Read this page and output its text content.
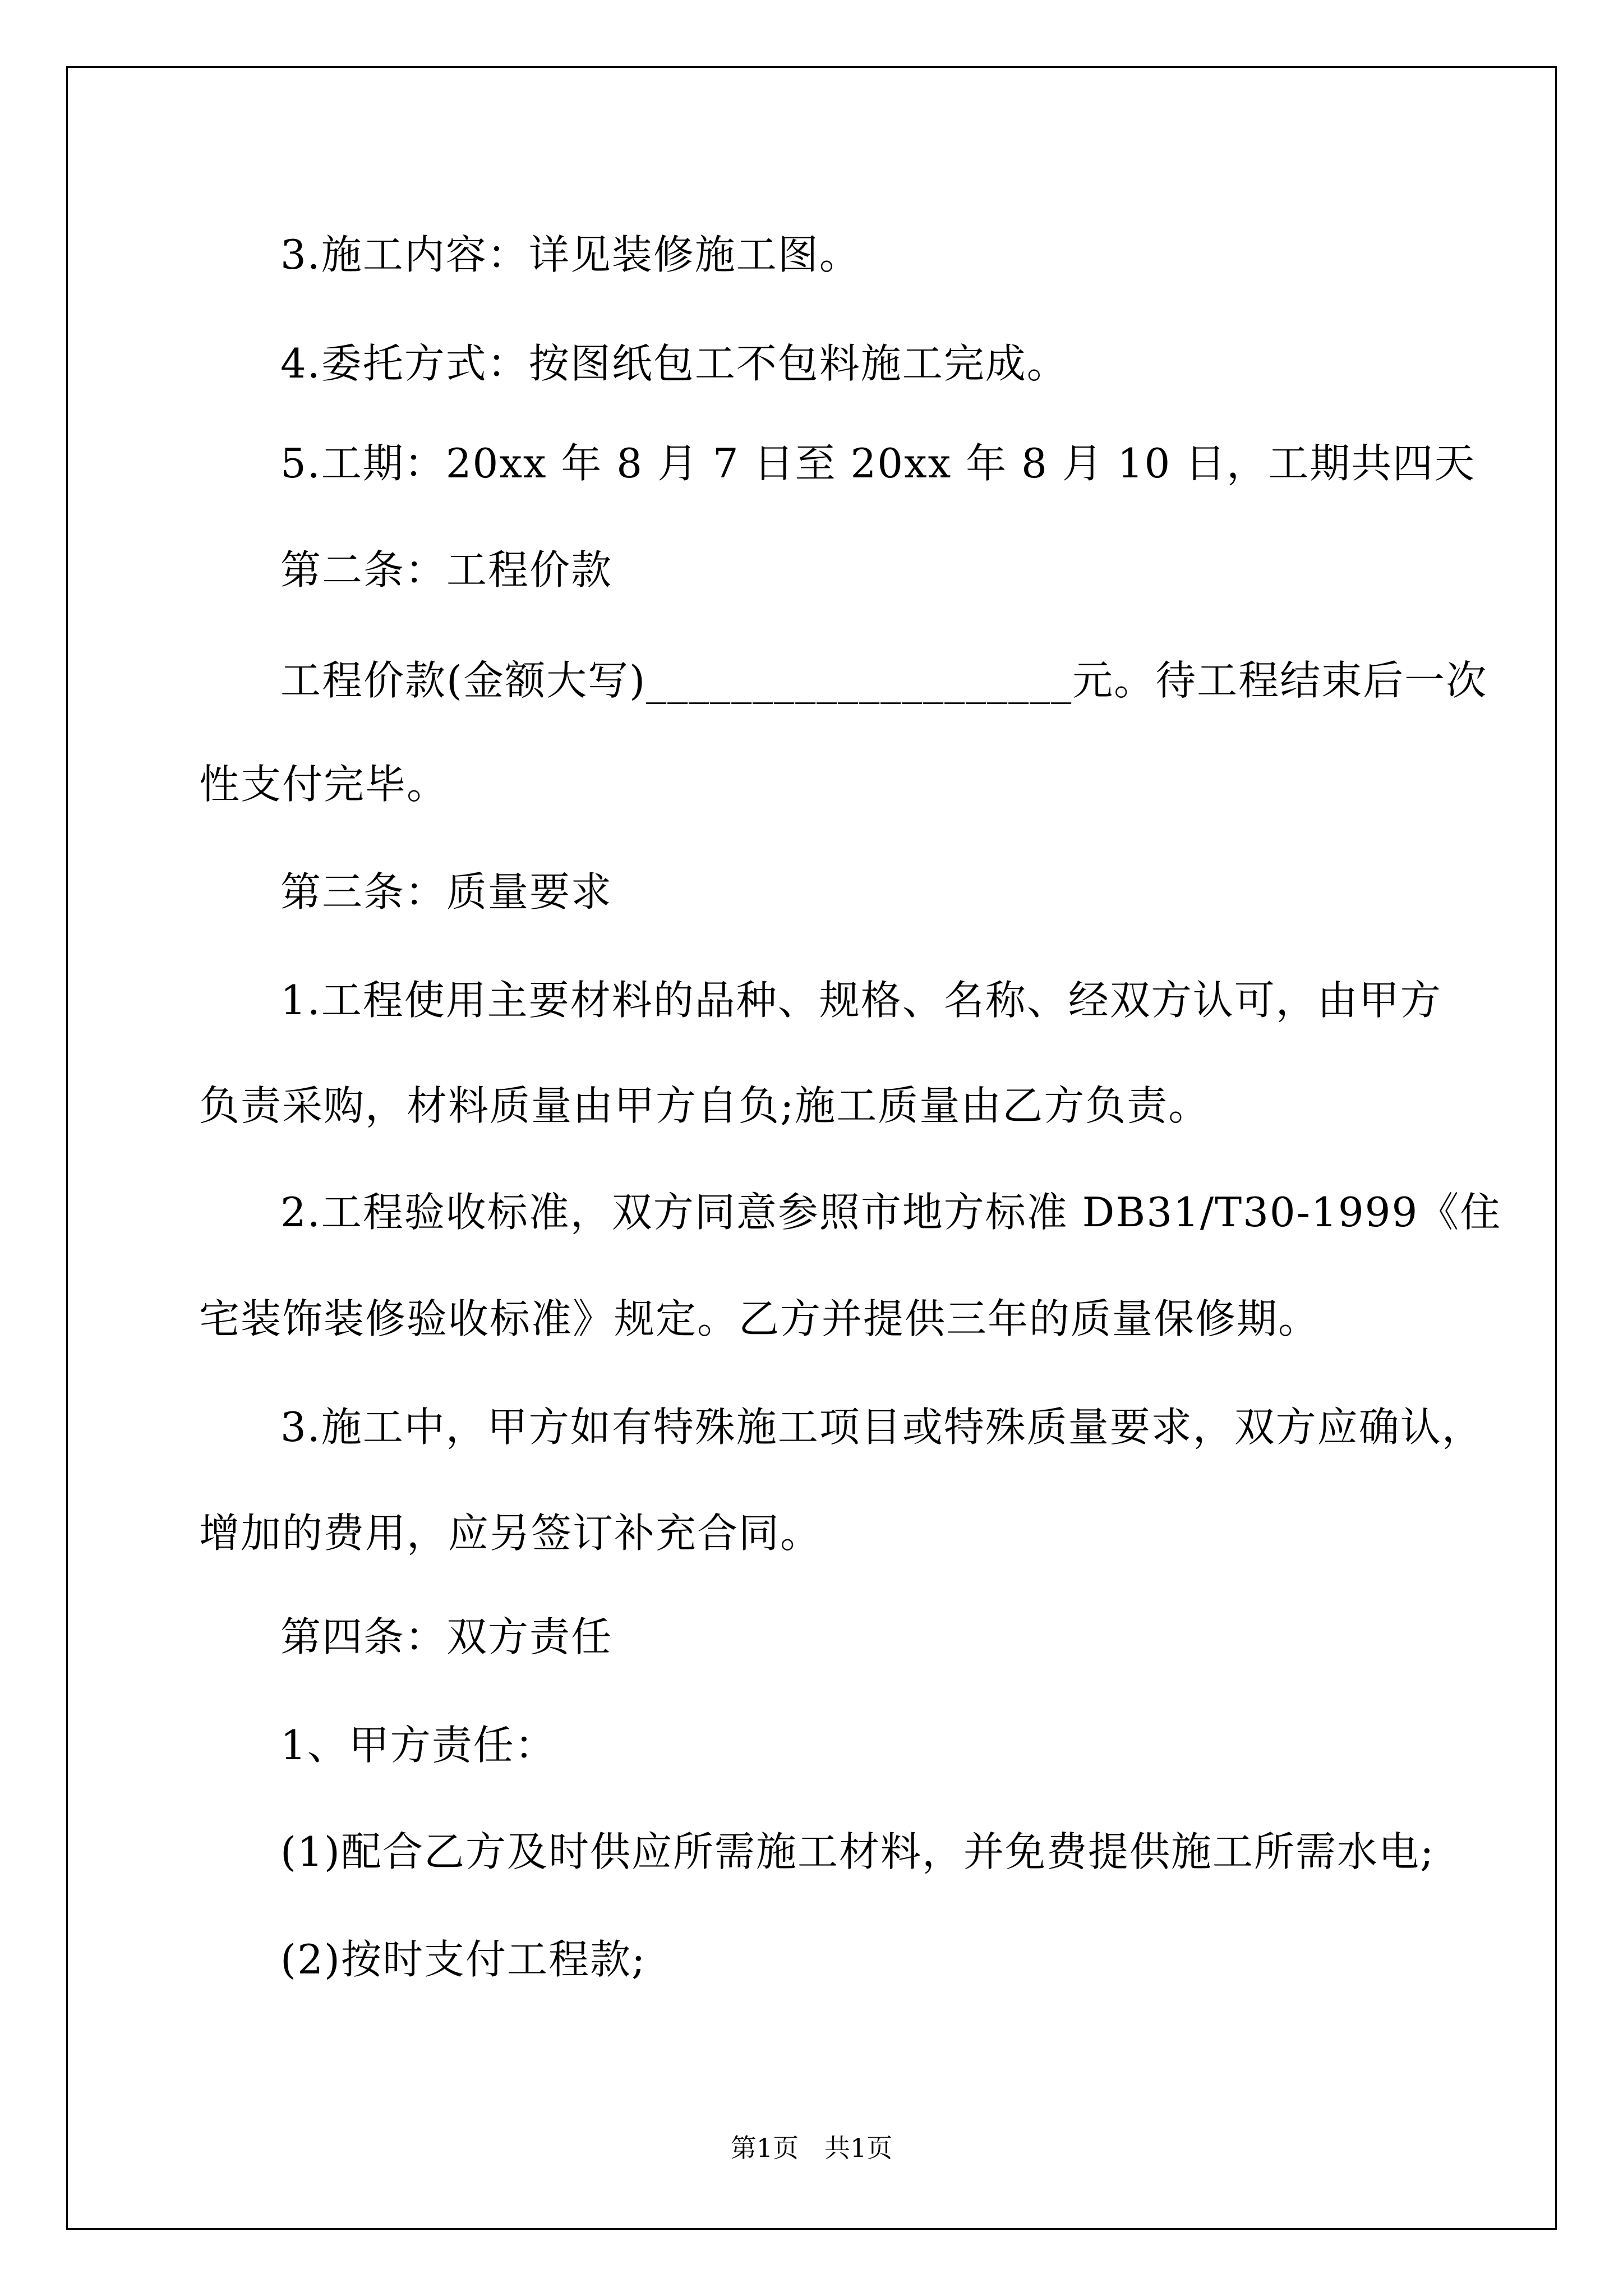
3.施工内容：详见装修施工图。
4.委托方式：按图纸包工不包料施工完成。
5.工期：20xx 年 8 月 7 日至 20xx 年 8 月 10 日，工期共四天
第二条：工程价款
工程价款(金额大写)____________________元。待工程结束后一次
性支付完毕。
第三条：质量要求
1.工程使用主要材料的品种、规格、名称、经双方认可，由甲方
负责采购，材料质量由甲方自负;施工质量由乙方负责。
2.工程验收标准，双方同意参照市地方标准 DB31/T30-1999《住
宅装饰装修验收标准》规定。乙方并提供三年的质量保修期。
3.施工中，甲方如有特殊施工项目或特殊质量要求，双方应确认，
增加的费用，应另签订补充合同。
第四条：双方责任
1、甲方责任：
(1)配合乙方及时供应所需施工材料，并免费提供施工所需水电;
(2)按时支付工程款;
第1页　共1页
